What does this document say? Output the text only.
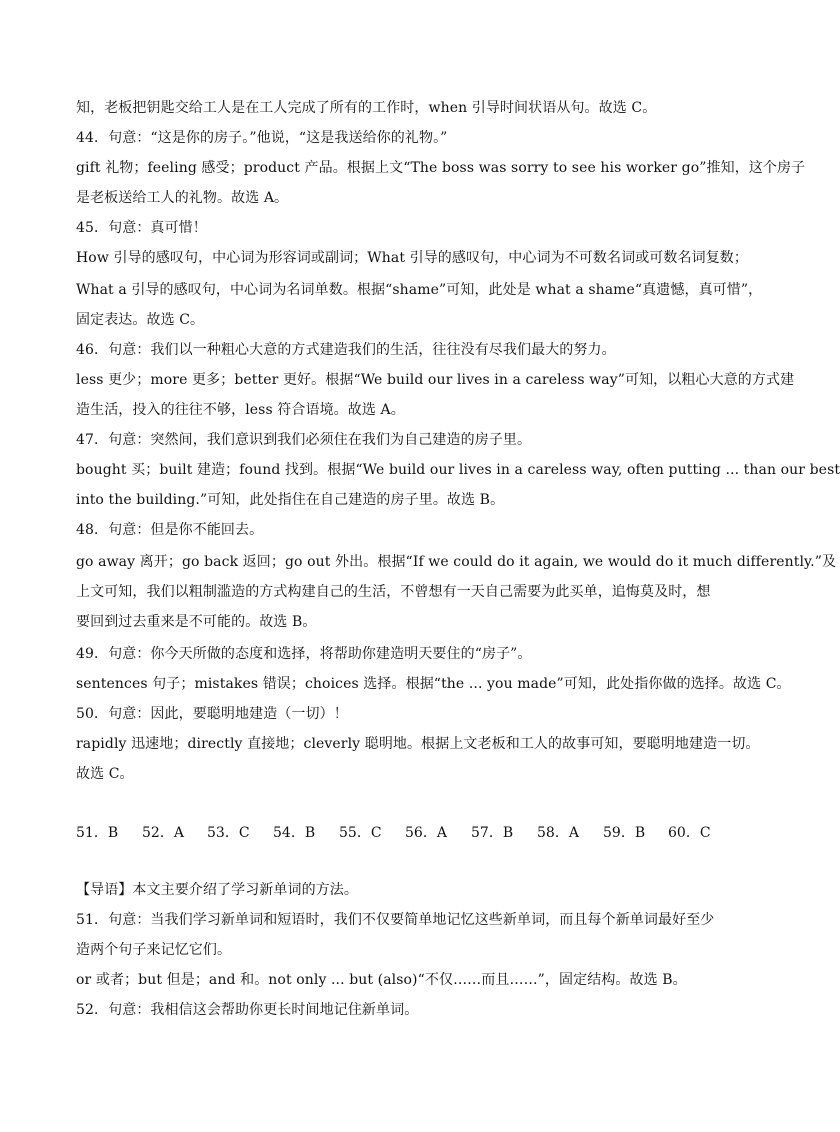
知，老板把钥匙交给工人是在工人完成了所有的工作时，when 引导时间状语从句。故选 C。
44．句意：“这是你的房子。”他说，“这是我送给你的礼物。”
gift 礼物；feeling 感受；product 产品。根据上文“The boss was sorry to see his worker go”推知，这个房子
是老板送给工人的礼物。故选 A。
45．句意：真可惜！
How 引导的感叹句，中心词为形容词或副词；What 引导的感叹句，中心词为不可数名词或可数名词复数；
What a 引导的感叹句，中心词为名词单数。根据“shame”可知，此处是 what a shame“真遗憾，真可惜”，
固定表达。故选 C。
46．句意：我们以一种粗心大意的方式建造我们的生活，往往没有尽我们最大的努力。
less 更少；more 更多；better 更好。根据“We build our lives in a careless way”可知，以粗心大意的方式建
造生活，投入的往往不够，less 符合语境。故选 A。
47．句意：突然间，我们意识到我们必须住在我们为自己建造的房子里。
bought 买；built 建造；found 找到。根据“We build our lives in a careless way, often putting ... than our best
into the building.”可知，此处指住在自己建造的房子里。故选 B。
48．句意：但是你不能回去。
go away 离开；go back 返回；go out 外出。根据“If we could do it again, we would do it much differently.”及
上文可知，我们以粗制滥造的方式构建自己的生活，不曾想有一天自己需要为此买单，追悔莫及时，想
要回到过去重来是不可能的。故选 B。
49．句意：你今天所做的态度和选择，将帮助你建造明天要住的“房子”。
sentences 句子；mistakes 错误；choices 选择。根据“the ... you made”可知，此处指你做的选择。故选 C。
50．句意：因此，要聪明地建造（一切）！
rapidly 迅速地；directly 直接地；cleverly 聪明地。根据上文老板和工人的故事可知，要聪明地建造一切。
故选 C。
51．B 52．A 53．C 54．B 55．C 56．A 57．B 58．A 59．B 60．C
【导语】本文主要介绍了学习新单词的方法。
51．句意：当我们学习新单词和短语时，我们不仅要简单地记忆这些新单词，而且每个新单词最好至少
造两个句子来记忆它们。
or 或者；but 但是；and 和。not only ... but (also)“不仅……而且……”，固定结构。故选 B。
52．句意：我相信这会帮助你更长时间地记住新单词。
